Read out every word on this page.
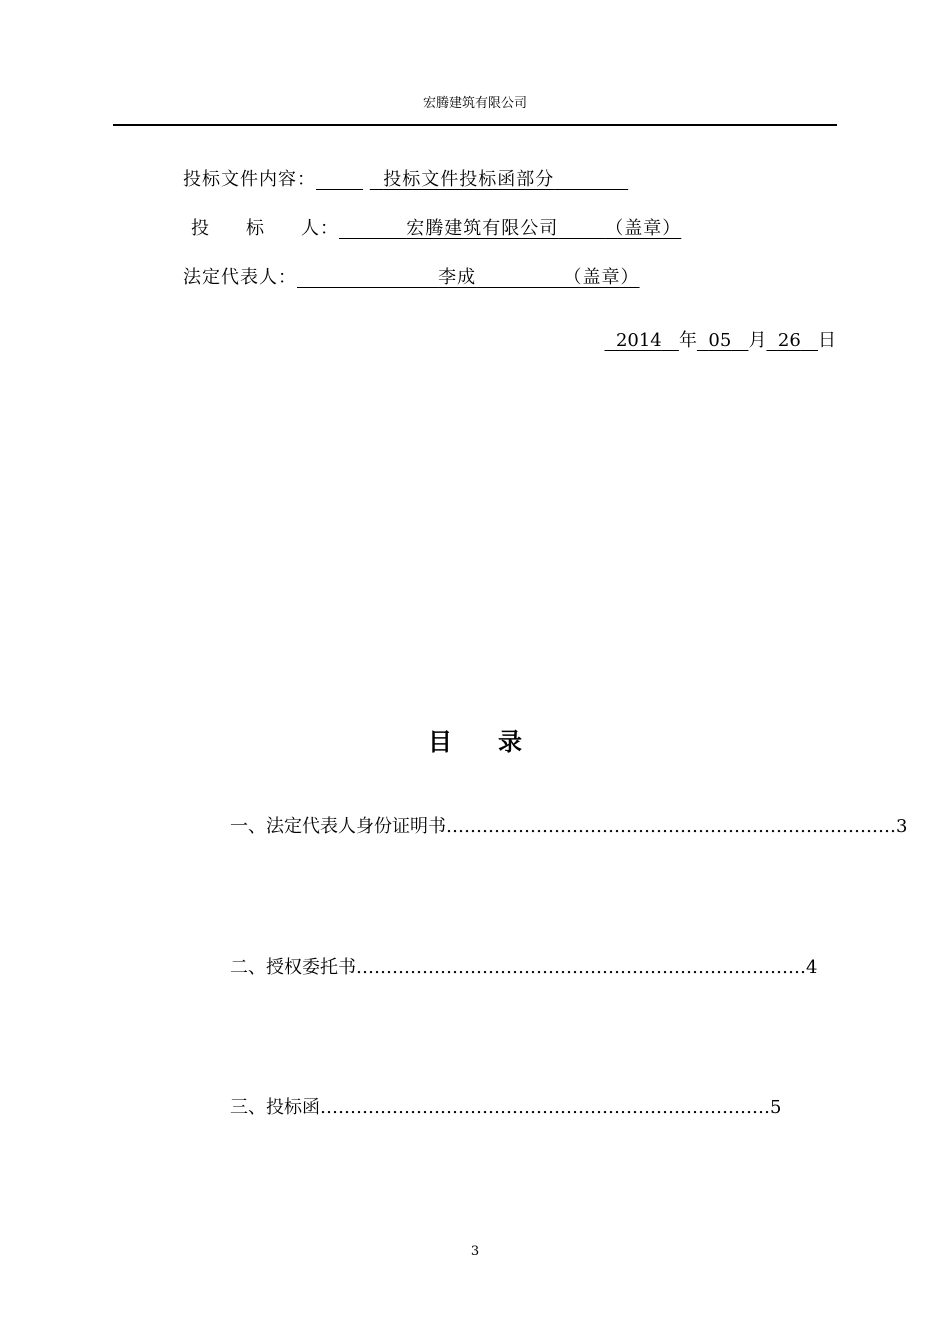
宏腾建筑有限公司
投标文件内容：	投标文件投标函部分
投 标 人：	宏腾建筑有限公司	（盖章）
法定代表人：	李成	（盖章）
2014 年 05 月 26 日
目 录
一、法定代表人身份证明书 ………………………………………………………………… 3
二、授权委托书 ………………………………………………………………… 4
三、投标函 ………………………………………………………………… 5
3
